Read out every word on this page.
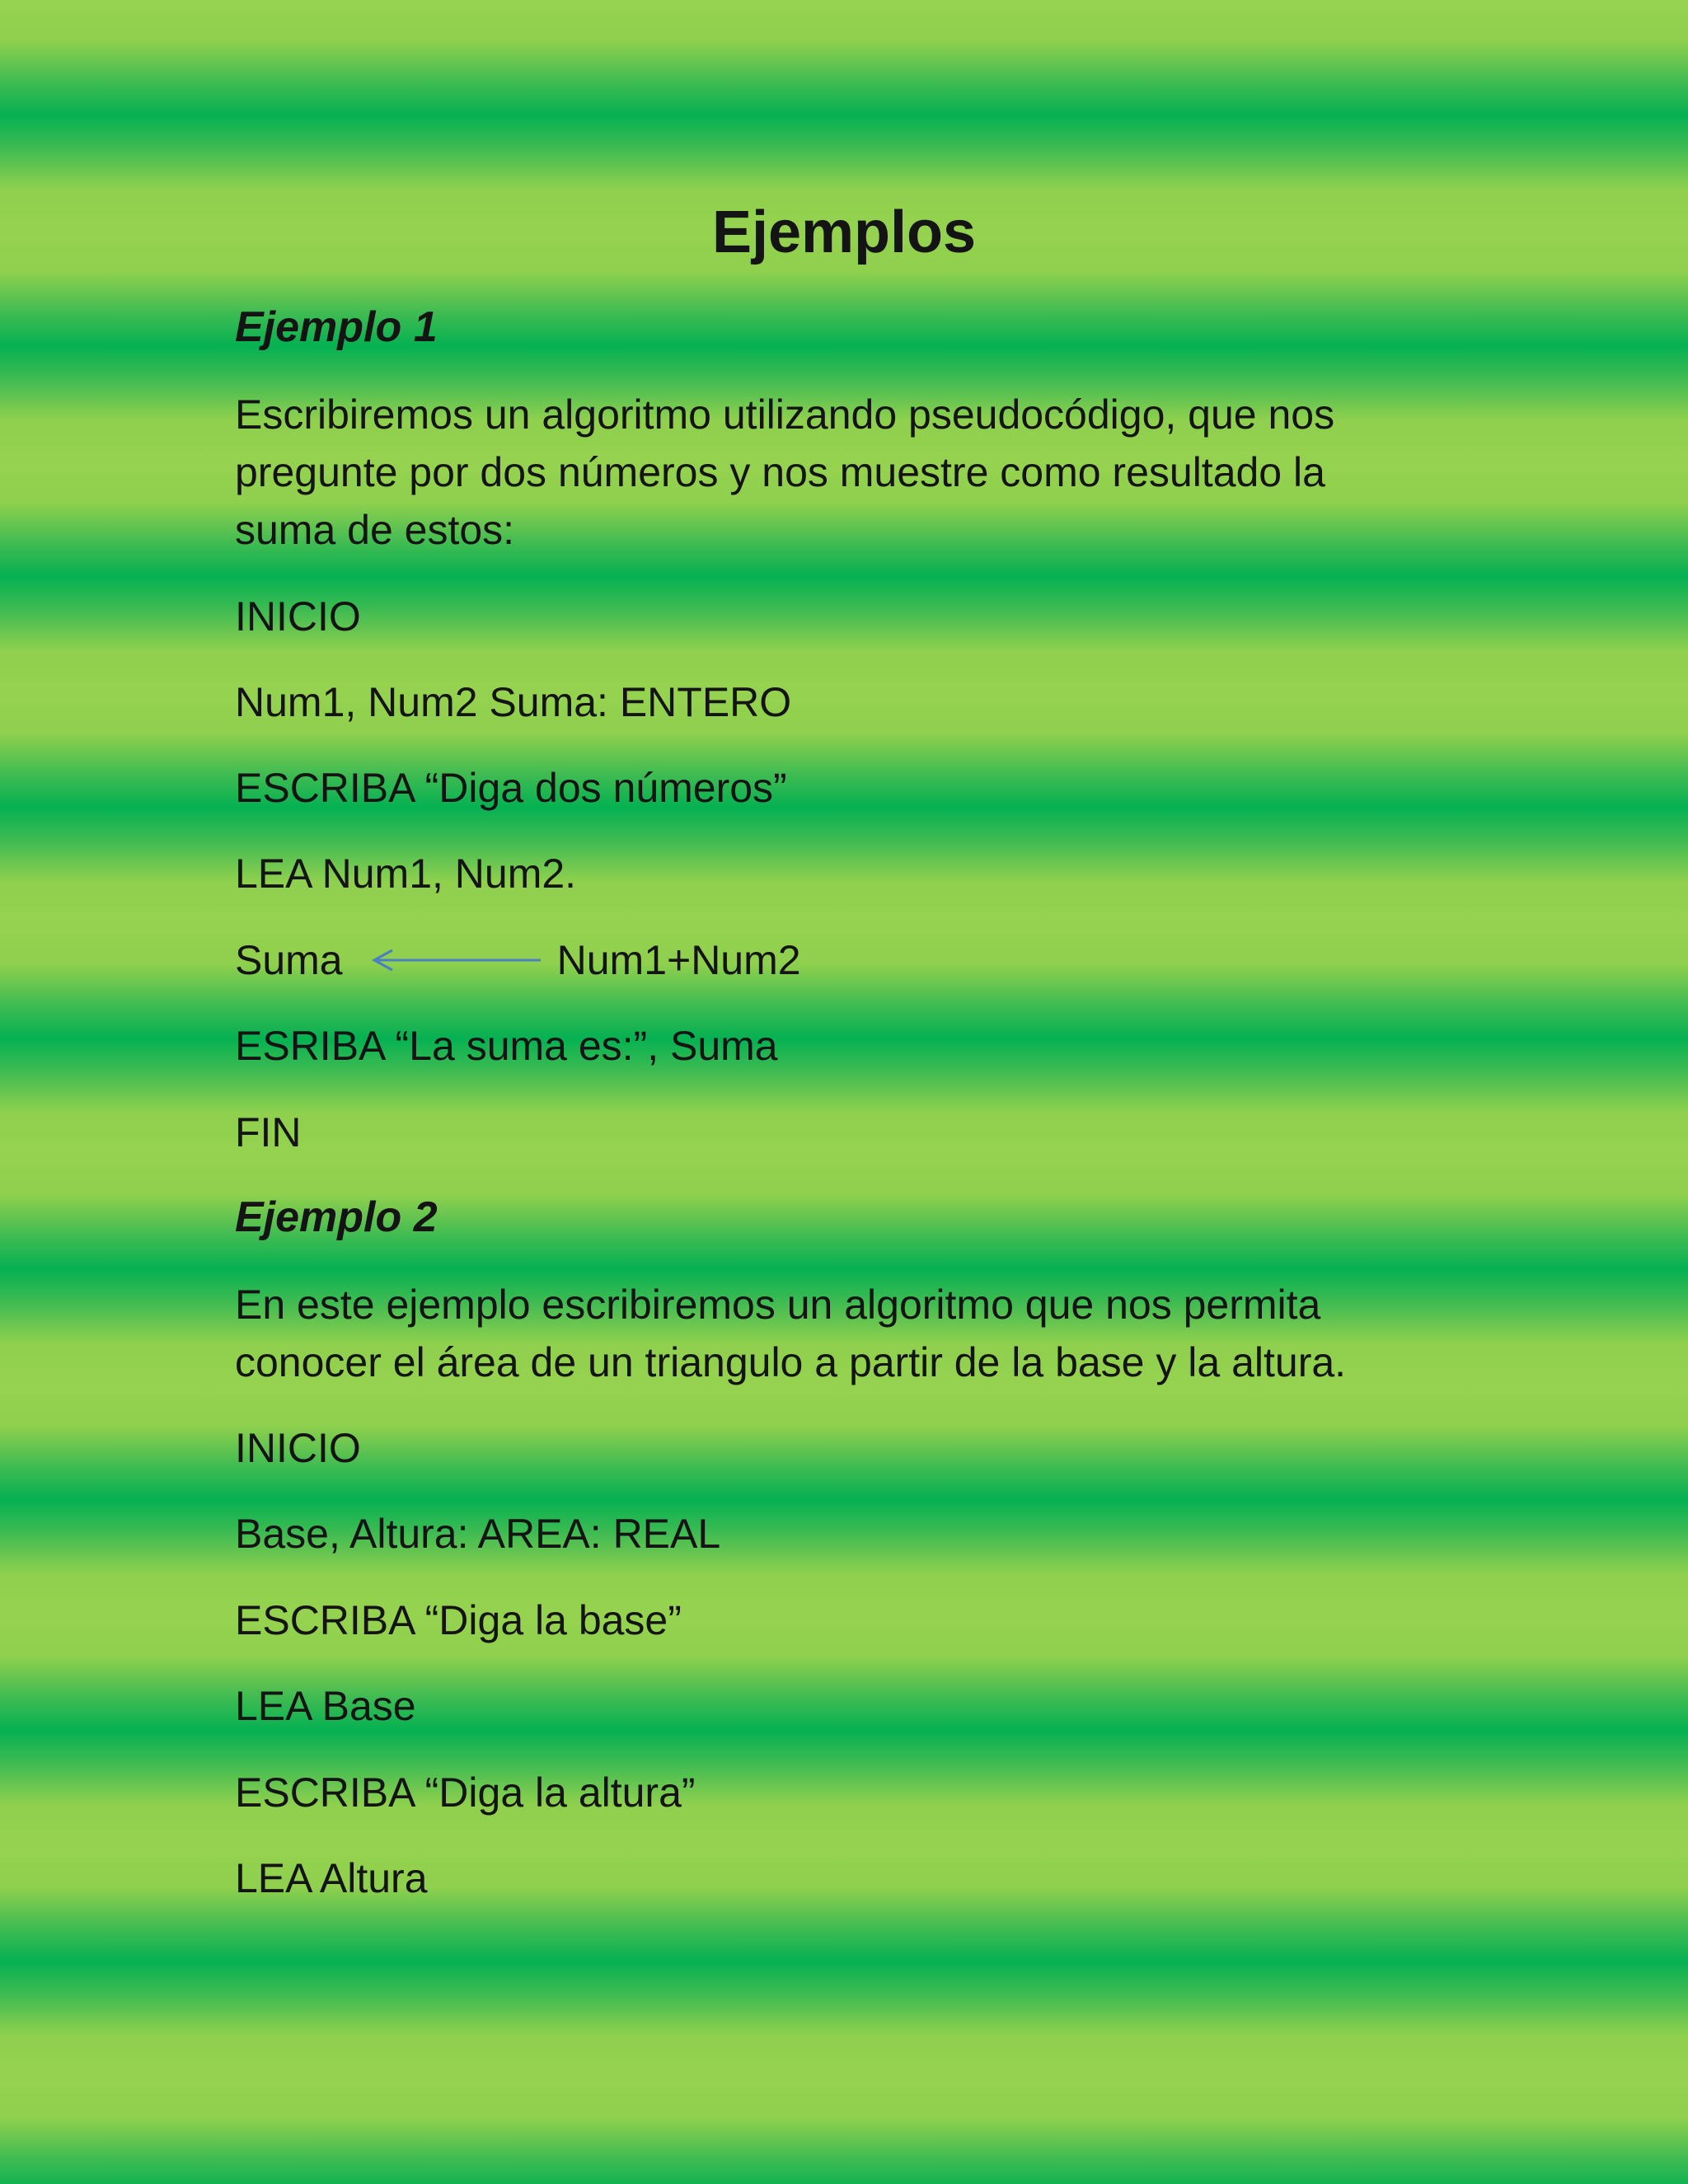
Ejemplos
Ejemplo 1
Escribiremos un algoritmo utilizando pseudocódigo, que nos
pregunte por dos números y nos muestre como resultado la
suma de estos:
INICIO
Num1, Num2 Suma: ENTERO
ESCRIBA “Diga dos números”
LEA Num1, Num2.
Suma	Num1+Num2
ESRIBA “La suma es:”, Suma
FIN
Ejemplo 2
En este ejemplo escribiremos un algoritmo que nos permita
conocer el área de un triangulo a partir de la base y la altura.
INICIO
Base, Altura: AREA: REAL
ESCRIBA “Diga la base”
LEA Base
ESCRIBA “Diga la altura”
LEA Altura
